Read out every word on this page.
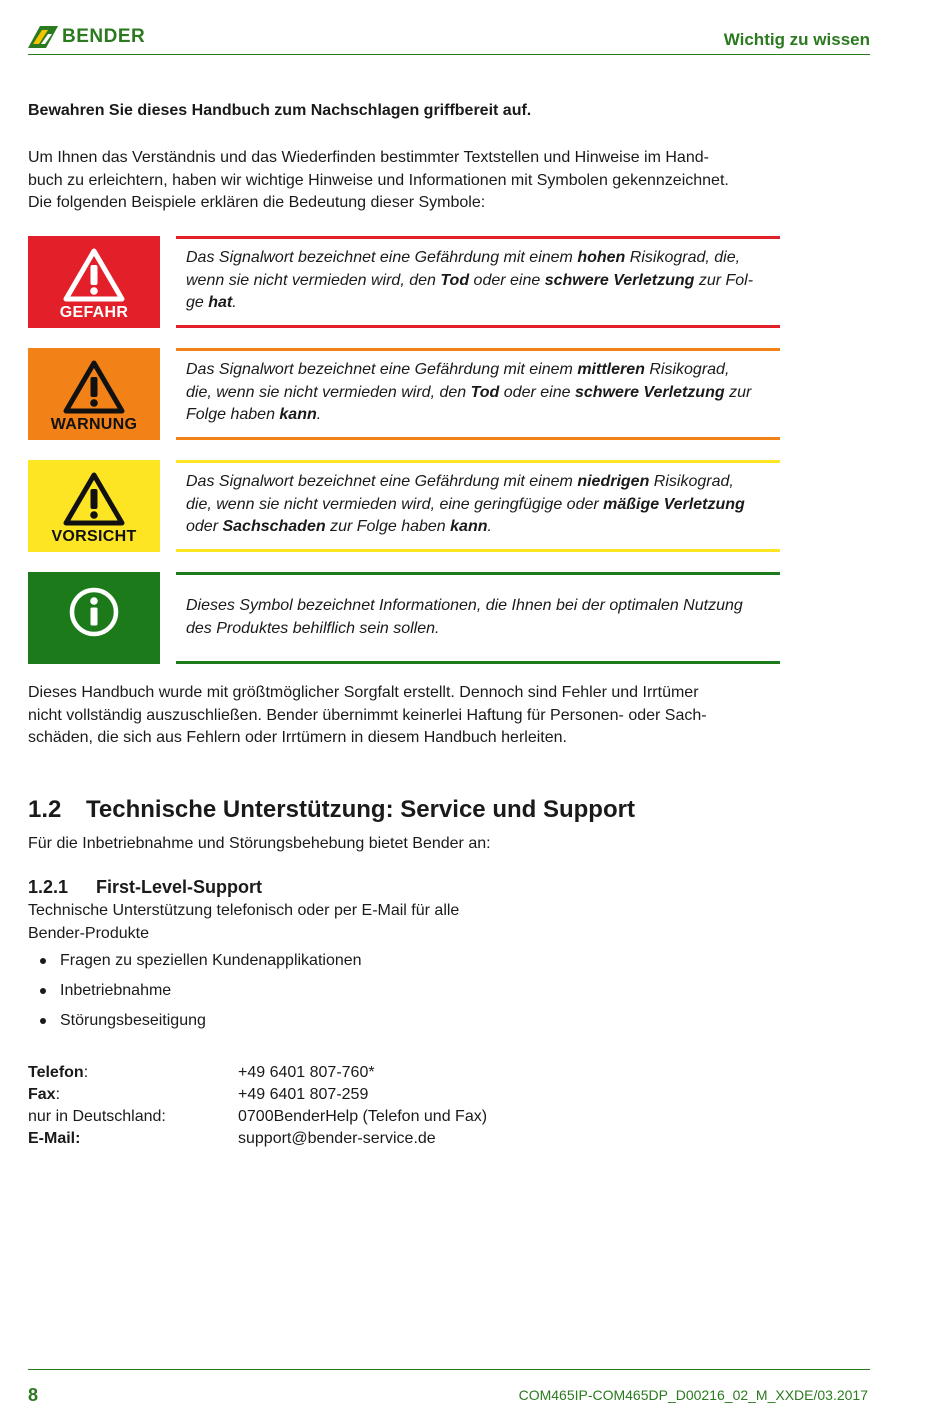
BENDER	Wichtig zu wissen
Bewahren Sie dieses Handbuch zum Nachschlagen griffbereit auf.
Um Ihnen das Verständnis und das Wiederfinden bestimmter Textstellen und Hinweise im Hand-
buch zu erleichtern, haben wir wichtige Hinweise und Informationen mit Symbolen gekennzeichnet.
Die folgenden Beispiele erklären die Bedeutung dieser Symbole:
GEFAHR
Das Signalwort bezeichnet eine Gefährdung mit einem hohen Risikograd, die,
wenn sie nicht vermieden wird, den Tod oder eine schwere Verletzung zur Fol-
ge hat.
WARNUNG
Das Signalwort bezeichnet eine Gefährdung mit einem mittleren Risikograd,
die, wenn sie nicht vermieden wird, den Tod oder eine schwere Verletzung zur
Folge haben kann.
VORSICHT
Das Signalwort bezeichnet eine Gefährdung mit einem niedrigen Risikograd,
die, wenn sie nicht vermieden wird, eine geringfügige oder mäßige Verletzung
oder Sachschaden zur Folge haben kann.
Dieses Symbol bezeichnet Informationen, die Ihnen bei der optimalen Nutzung
des Produktes behilflich sein sollen.
Dieses Handbuch wurde mit größtmöglicher Sorgfalt erstellt. Dennoch sind Fehler und Irrtümer
nicht vollständig auszuschließen. Bender übernimmt keinerlei Haftung für Personen- oder Sach-
schäden, die sich aus Fehlern oder Irrtümern in diesem Handbuch herleiten.
1.2 Technische Unterstützung: Service und Support
Für die Inbetriebnahme und Störungsbehebung bietet Bender an:
1.2.1 First-Level-Support
Technische Unterstützung telefonisch oder per E-Mail für alle
Bender-Produkte
Fragen zu speziellen Kundenapplikationen
Inbetriebnahme
Störungsbeseitigung
Telefon:	+49 6401 807-760*
Fax:	+49 6401 807-259
nur in Deutschland:	0700BenderHelp (Telefon und Fax)
E-Mail:	support@bender-service.de
8	COM465IP-COM465DP_D00216_02_M_XXDE/03.2017
